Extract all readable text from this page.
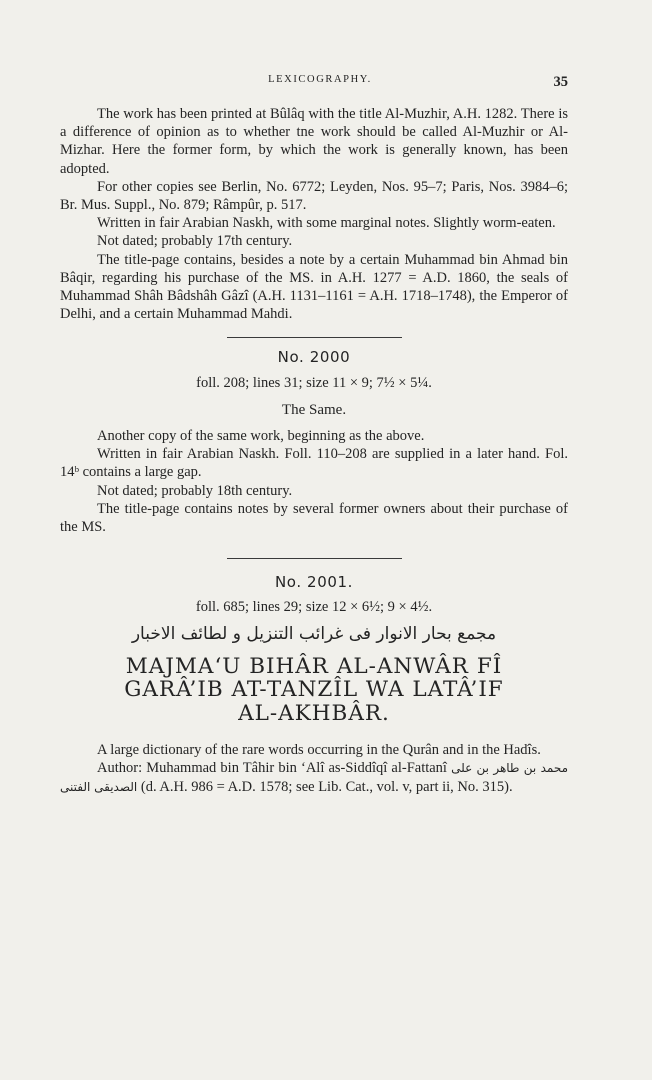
LEXICOGRAPHY.	35

The work has been printed at Bûlâq with the title Al-Muzhir, A.H. 1282. There is a difference of opinion as to whether tne work should be called Al-Muzhir or Al-Mizhar. Here the former form, by which the work is generally known, has been adopted.

For other copies see Berlin, No. 6772; Leyden, Nos. 95–7; Paris, Nos. 3984–6; Br. Mus. Suppl., No. 879; Râmpûr, p. 517.

Written in fair Arabian Naskh, with some marginal notes. Slightly worm-eaten.

Not dated; probably 17th century.

The title-page contains, besides a note by a certain Muhammad bin Ahmad bin Bâqir, regarding his purchase of the MS. in A.H. 1277 = A.D. 1860, the seals of Muhammad Shâh Bâdshâh Gâzî (A.H. 1131–1161 = A.H. 1718–1748), the Emperor of Delhi, and a certain Muhammad Mahdi.

No. 2000
foll. 208; lines 31; size 11 × 9; 7½ × 5¼.
The Same.

Another copy of the same work, beginning as the above.

Written in fair Arabian Naskh. Foll. 110–208 are supplied in a later hand. Fol. 14ᵇ contains a large gap.

Not dated; probably 18th century.

The title-page contains notes by several former owners about their purchase of the MS.

No. 2001.
foll. 685; lines 29; size 12 × 6½; 9 × 4½.
مجمع بحار الانوار فی غرائب التنزیل و لطائف الاخبار
MAJMA‘U BIHÂR AL-ANWÂR FÎ
GARÂ’IB AT-TANZÎL WA LATÂ’IF
AL-AKHBÂR.

A large dictionary of the rare words occurring in the Qurân and in the Hadîs.

Author: Muhammad bin Tâhir bin ‘Alî as-Siddîqî al-Fattanî محمد بن طاهر بن علی الصدیقی الفتنی (d. A.H. 986 = A.D. 1578; see Lib. Cat., vol. v, part ii, No. 315).
